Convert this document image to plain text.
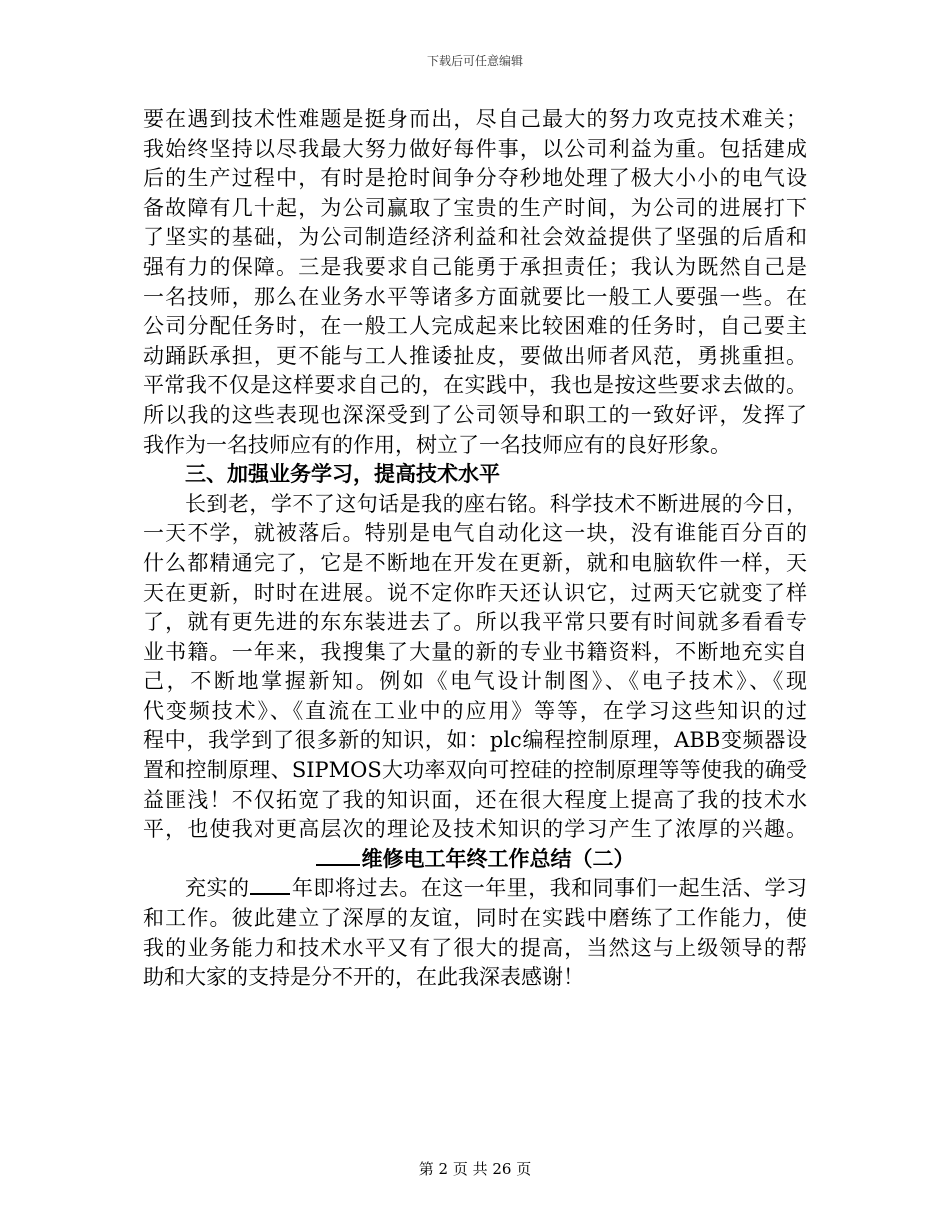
下载后可任意编辑
要在遇到技术性难题是挺身而出，尽自己最大的努力攻克技术难关；
我始终坚持以尽我最大努力做好每件事，以公司利益为重。包括建成
后的生产过程中，有时是抢时间争分夺秒地处理了极大小小的电气设
备故障有几十起，为公司赢取了宝贵的生产时间，为公司的进展打下
了坚实的基础，为公司制造经济利益和社会效益提供了坚强的后盾和
强有力的保障。三是我要求自己能勇于承担责任；我认为既然自己是
一名技师，那么在业务水平等诸多方面就要比一般工人要强一些。在
公司分配任务时，在一般工人完成起来比较困难的任务时，自己要主
动踊跃承担，更不能与工人推诿扯皮，要做出师者风范，勇挑重担。
平常我不仅是这样要求自己的，在实践中，我也是按这些要求去做的。
所以我的这些表现也深深受到了公司领导和职工的一致好评，发挥了
我作为一名技师应有的作用，树立了一名技师应有的良好形象。
三、加强业务学习，提高技术水平
长到老，学不了这句话是我的座右铭。科学技术不断进展的今日，
一天不学，就被落后。特别是电气自动化这一块，没有谁能百分百的
什么都精通完了，它是不断地在开发在更新，就和电脑软件一样，天
天在更新，时时在进展。说不定你昨天还认识它，过两天它就变了样
了，就有更先进的东东装进去了。所以我平常只要有时间就多看看专
业书籍。一年来，我搜集了大量的新的专业书籍资料，不断地充实自
己，不断地掌握新知。例如《电气设计制图》、《电子技术》、《现
代变频技术》、《直流在工业中的应用》等等，在学习这些知识的过
程中，我学到了很多新的知识，如：plc编程控制原理，ABB变频器设
置和控制原理、SIPMOS大功率双向可控硅的控制原理等等使我的确受
益匪浅！不仅拓宽了我的知识面，还在很大程度上提高了我的技术水
平，也使我对更高层次的理论及技术知识的学习产生了浓厚的兴趣。
维修电工年终工作总结（二）
充实的 年即将过去。在这一年里，我和同事们一起生活、学习
和工作。彼此建立了深厚的友谊，同时在实践中磨练了工作能力，使
我的业务能力和技术水平又有了很大的提高，当然这与上级领导的帮
助和大家的支持是分不开的，在此我深表感谢！
第 2 页 共 26 页
